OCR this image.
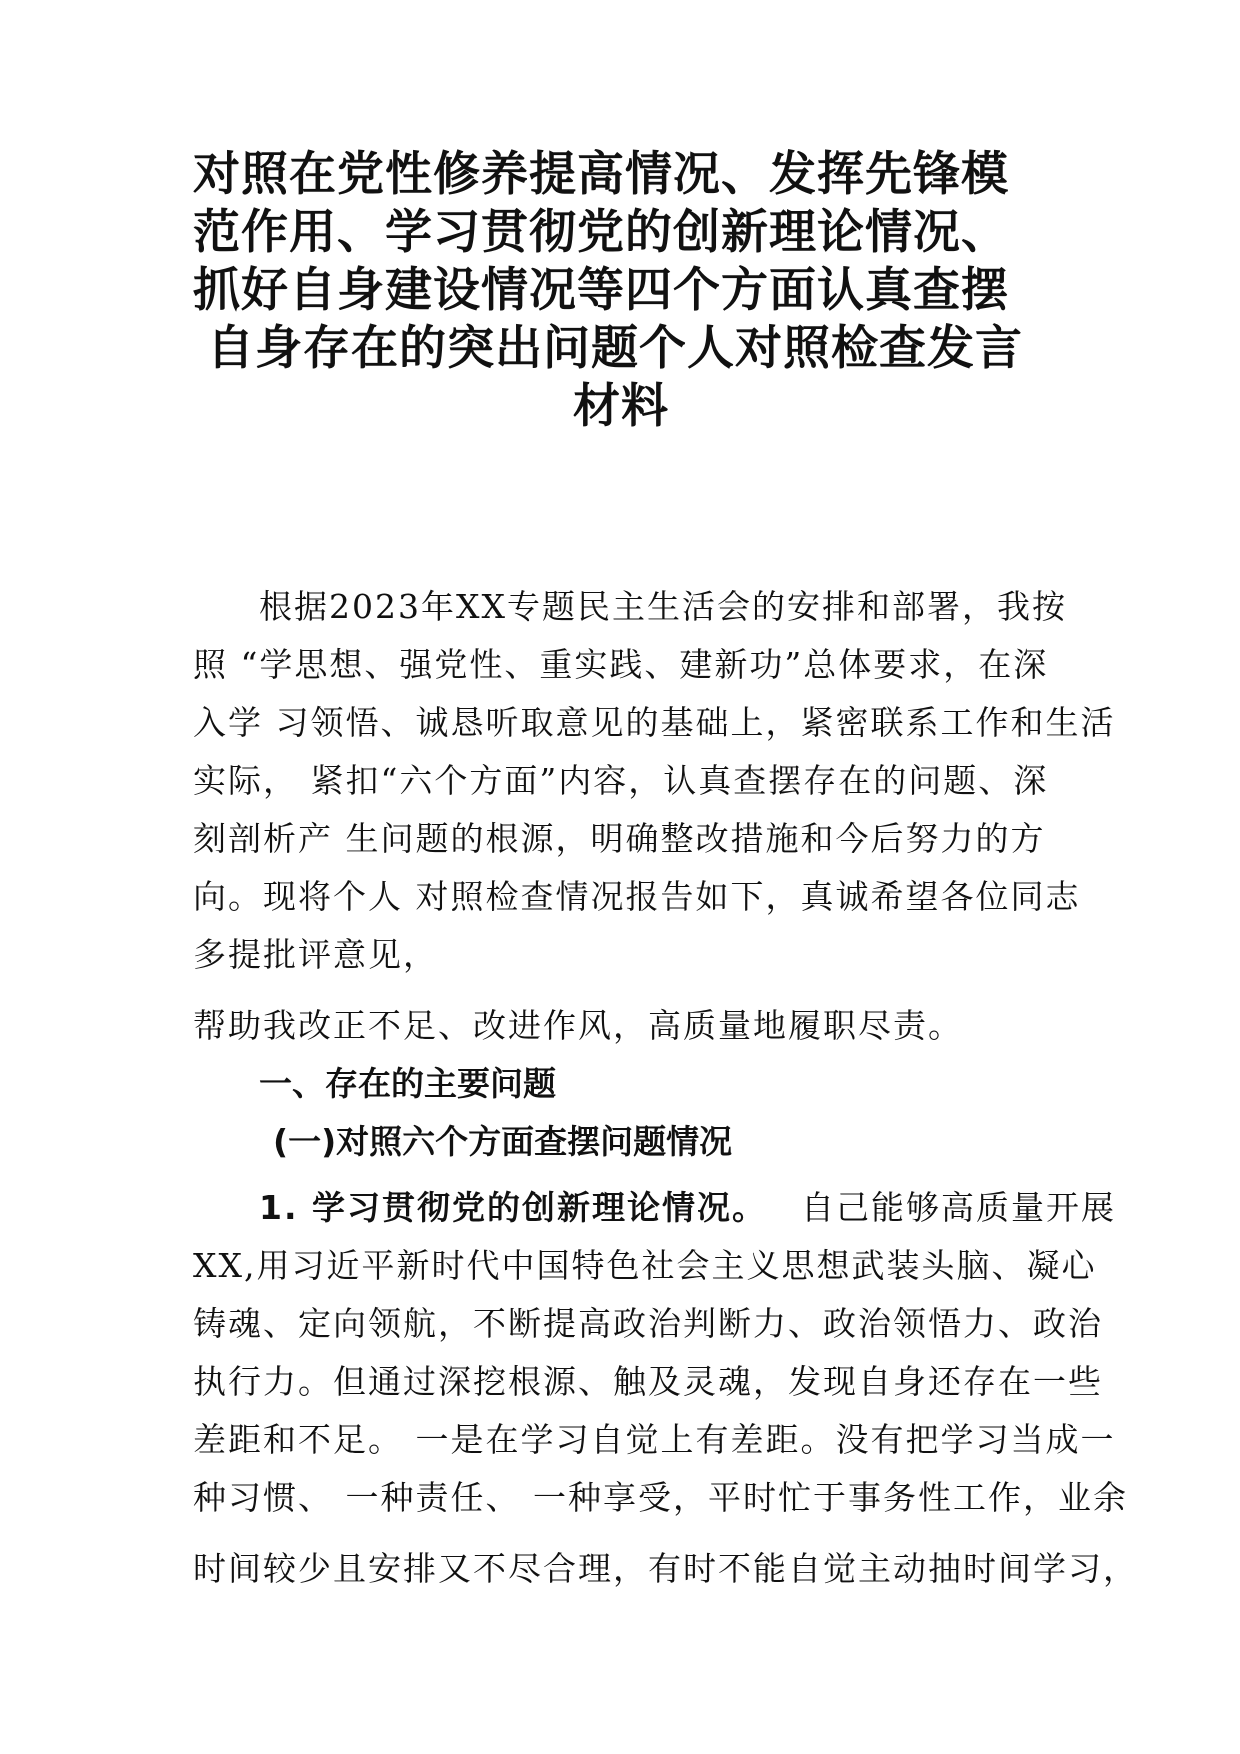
对照在党性修养提高情况、发挥先锋模
范作用、学习贯彻党的创新理论情况、
抓好自身建设情况等四个方面认真查摆
自身存在的突出问题个人对照检查发言
材料
根据2023年XX专题民主生活会的安排和部署，我按
照 “学思想、强党性、重实践、建新功”总体要求，在深
入学 习领悟、诚恳听取意见的基础上，紧密联系工作和生活
实际， 紧扣“六个方面”内容，认真查摆存在的问题、深
刻剖析产 生问题的根源，明确整改措施和今后努力的方
向。现将个人 对照检查情况报告如下，真诚希望各位同志
多提批评意见，
帮助我改正不足、改进作风，高质量地履职尽责。
一、存在的主要问题
(一)对照六个方面查摆问题情况
1. 学习贯彻党的创新理论情况。 自己能够高质量开展
XX,用习近平新时代中国特色社会主义思想武装头脑、凝心
铸魂、定向领航，不断提高政治判断力、政治领悟力、政治
执行力。但通过深挖根源、触及灵魂，发现自身还存在一些
差距和不足。 一是在学习自觉上有差距。没有把学习当成一
种习惯、 一种责任、 一种享受，平时忙于事务性工作，业余
时间较少且安排又不尽合理，有时不能自觉主动抽时间学习，
